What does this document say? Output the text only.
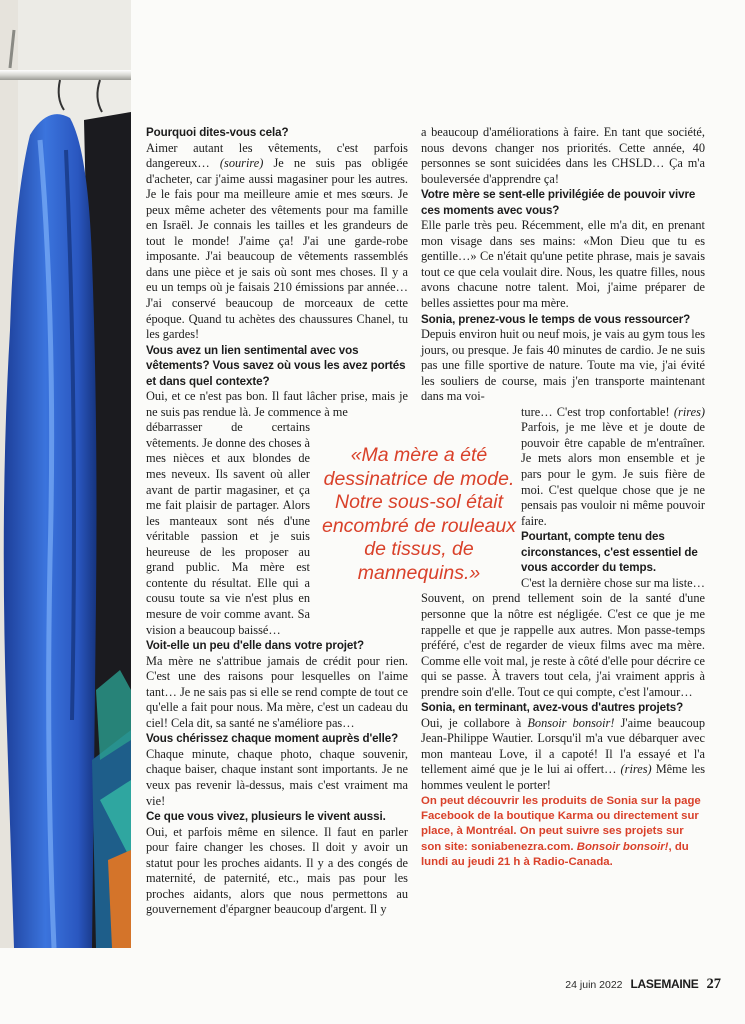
Pourquoi dites-vous cela?

Aimer autant les vêtements, c'est parfois dangereux… (sourire) Je ne suis pas obligée d'acheter, car j'aime aussi magasiner pour les autres. Je le fais pour ma meilleure amie et mes sœurs. Je peux même acheter des vêtements pour ma famille en Israël. Je connais les tailles et les grandeurs de tout le monde! J'aime ça! J'ai une garde-robe imposante. J'ai beaucoup de vêtements rassemblés dans une pièce et je sais où sont mes choses. Il y a eu un temps où je faisais 210 émissions par année… J'ai conservé beaucoup de morceaux de cette époque. Quand tu achètes des chaussures Chanel, tu les gardes!

Vous avez un lien sentimental avec vos vêtements? Vous savez où vous les avez portés et dans quel contexte?

Oui, et ce n'est pas bon. Il faut lâcher prise, mais je ne suis pas rendue là. Je commence à me

débarrasser de certains vêtements. Je donne des choses à mes nièces et aux blondes de mes neveux. Ils savent où aller avant de partir magasiner, et ça me fait plaisir de partager. Alors les manteaux sont nés d'une véritable passion et je suis heureuse de les proposer au grand public. Ma mère est contente du résultat. Elle qui a cousu toute sa vie n'est plus en mesure de voir comme avant. Sa vision a beaucoup baissé…

Voit-elle un peu d'elle dans votre projet?

Ma mère ne s'attribue jamais de crédit pour rien. C'est une des raisons pour lesquelles on l'aime tant… Je ne sais pas si elle se rend compte de tout ce qu'elle a fait pour nous. Ma mère, c'est un cadeau du ciel! Cela dit, sa santé ne s'améliore pas…

Vous chérissez chaque moment auprès d'elle?

Chaque minute, chaque photo, chaque souvenir, chaque baiser, chaque instant sont importants. Je ne veux pas revenir là-dessus, mais c'est vraiment ma vie!

Ce que vous vivez, plusieurs le vivent aussi.

Oui, et parfois même en silence. Il faut en parler pour faire changer les choses. Il doit y avoir un statut pour les proches aidants. Il y a des congés de maternité, de paternité, etc., mais pas pour les proches aidants, alors que nous permettons au gouvernement d'épargner beaucoup d'argent. Il y

«Ma mère a été dessinatrice de mode. Notre sous-sol était encombré de rouleaux de tissus, de mannequins.»

a beaucoup d'améliorations à faire. En tant que société, nous devons changer nos priorités. Cette année, 40 personnes se sont suicidées dans les CHSLD… Ça m'a bouleversée d'apprendre ça!

Votre mère se sent-elle privilégiée de pouvoir vivre ces moments avec vous?

Elle parle très peu. Récemment, elle m'a dit, en prenant mon visage dans ses mains: «Mon Dieu que tu es gentille…» Ce n'était qu'une petite phrase, mais je savais tout ce que cela voulait dire. Nous, les quatre filles, nous avons chacune notre talent. Moi, j'aime préparer de belles assiettes pour ma mère.

Sonia, prenez-vous le temps de vous ressourcer?

Depuis environ huit ou neuf mois, je vais au gym tous les jours, ou presque. Je fais 40 minutes de cardio. Je ne suis pas une fille sportive de nature. Toute ma vie, j'ai évité les souliers de course, mais j'en transporte maintenant dans ma voi-

ture… C'est trop confortable! (rires) Parfois, je me lève et je doute de pouvoir être capable de m'entraîner. Je mets alors mon ensemble et je pars pour le gym. Je suis fière de moi. C'est quelque chose que je ne pensais pas vouloir ni même pouvoir faire.

Pourtant, compte tenu des circonstances, c'est essentiel de vous accorder du temps.

C'est la dernière chose sur ma liste… Souvent, on prend tellement soin de la santé d'une personne que la nôtre est négligée. C'est ce que je me rappelle et que je rappelle aux autres. Mon passe-temps préféré, c'est de regarder de vieux films avec ma mère. Comme elle voit mal, je reste à côté d'elle pour décrire ce qui se passe. À travers tout cela, j'ai vraiment appris à prendre soin d'elle. Tout ce qui compte, c'est l'amour…

Sonia, en terminant, avez-vous d'autres projets?

Oui, je collabore à Bonsoir bonsoir! J'aime beaucoup Jean-Philippe Wautier. Lorsqu'il m'a vue débarquer avec mon manteau Love, il a capoté! Il l'a essayé et l'a tellement aimé que je le lui ai offert… (rires) Même les hommes veulent le porter!

On peut découvrir les produits de Sonia sur la page Facebook de la boutique Karma ou directement sur place, à Montréal. On peut suivre ses projets sur son site: soniabenezra.com. Bonsoir bonsoir!, du lundi au jeudi 21 h à Radio-Canada.

24 juin 2022 LASEMAINE 27
